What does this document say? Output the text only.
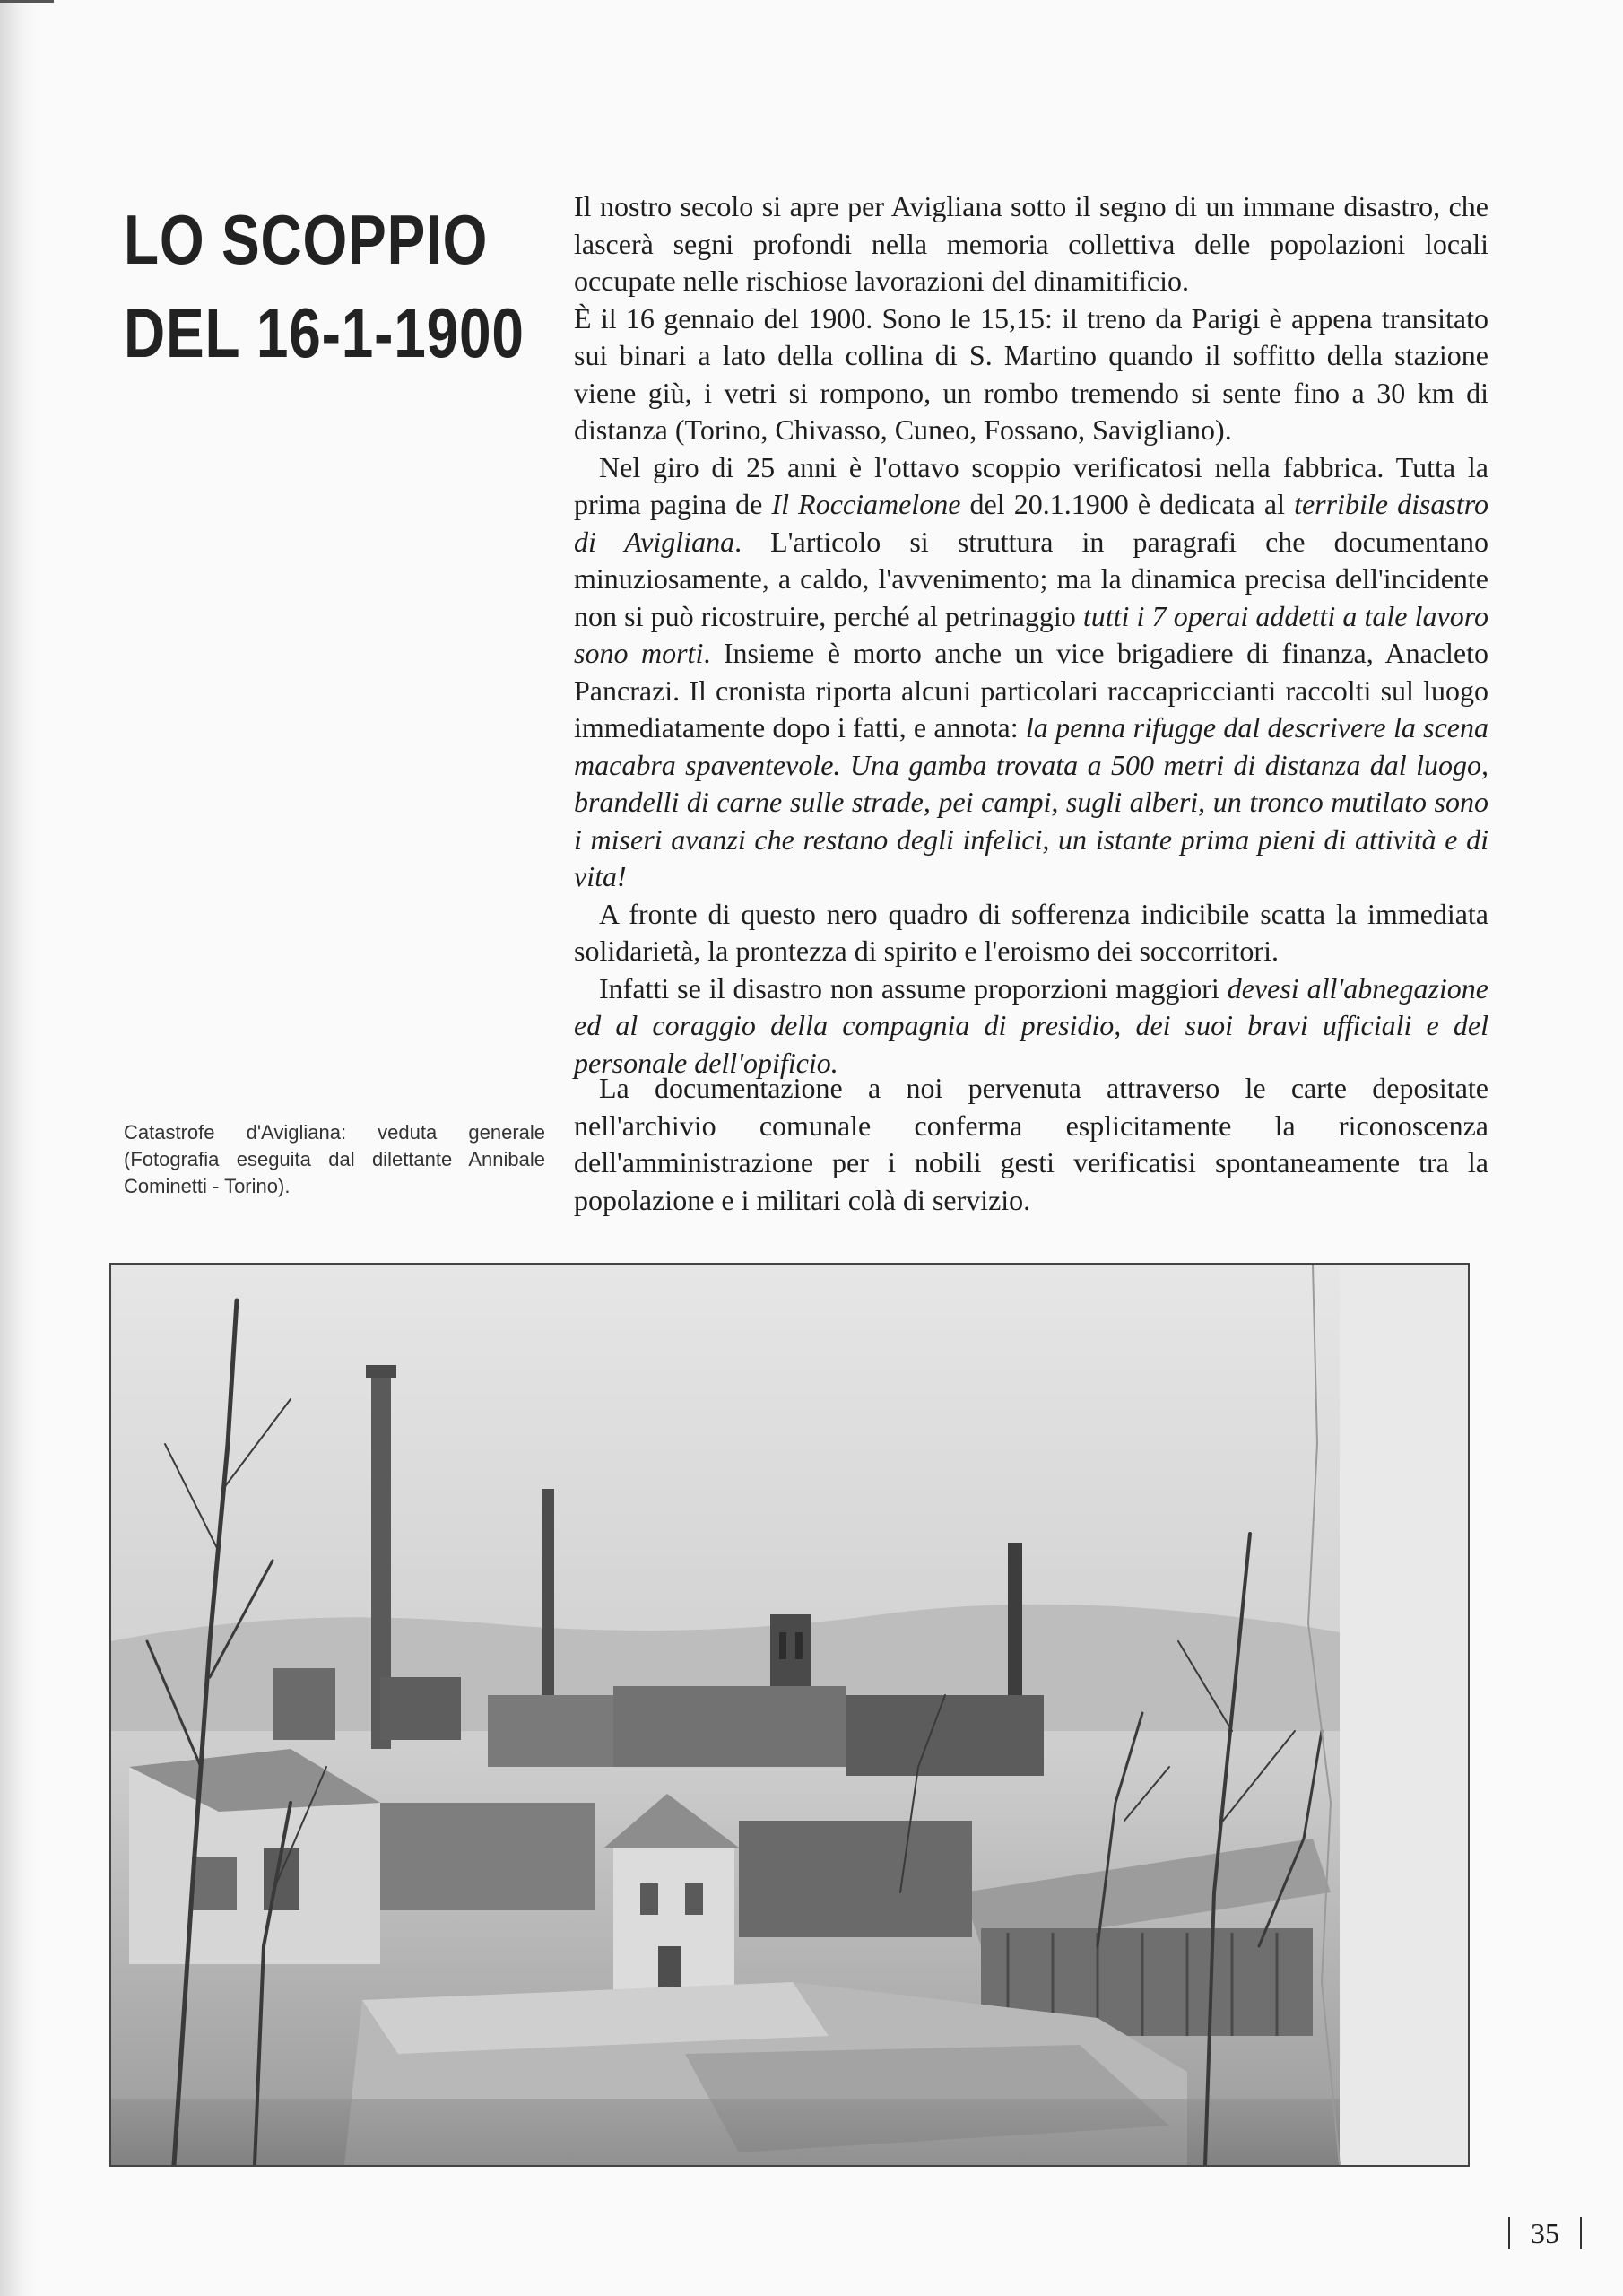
LO SCOPPIO
DEL 16-1-1900

Il nostro secolo si apre per Avigliana sotto il segno di un immane disastro, che lascerà segni profondi nella memoria collettiva delle popolazioni locali occupate nelle rischiose lavorazioni del dinamitificio.

È il 16 gennaio del 1900. Sono le 15,15: il treno da Parigi è appena transitato sui binari a lato della collina di S. Martino quando il soffitto della stazione viene giù, i vetri si rompono, un rombo tremendo si sente fino a 30 km di distanza (Torino, Chivasso, Cuneo, Fossano, Savigliano).

Nel giro di 25 anni è l'ottavo scoppio verificatosi nella fabbrica. Tutta la prima pagina de Il Rocciamelone del 20.1.1900 è dedicata al terribile disastro di Avigliana. L'articolo si struttura in paragrafi che documentano minuziosamente, a caldo, l'avvenimento; ma la dinamica precisa dell'incidente non si può ricostruire, perché al petrinaggio tutti i 7 operai addetti a tale lavoro sono morti. Insieme è morto anche un vice brigadiere di finanza, Anacleto Pancrazi. Il cronista riporta alcuni particolari raccapriccianti raccolti sul luogo immediatamente dopo i fatti, e annota: la penna rifugge dal descrivere la scena macabra spaventevole. Una gamba trovata a 500 metri di distanza dal luogo, brandelli di carne sulle strade, pei campi, sugli alberi, un tronco mutilato sono i miseri avanzi che restano degli infelici, un istante prima pieni di attività e di vita!

A fronte di questo nero quadro di sofferenza indicibile scatta la immediata solidarietà, la prontezza di spirito e l'eroismo dei soccorritori.

Infatti se il disastro non assume proporzioni maggiori devesi all'abnegazione ed al coraggio della compagnia di presidio, dei suoi bravi ufficiali e del personale dell'opificio.

La documentazione a noi pervenuta attraverso le carte depositate nell'archivio comunale conferma esplicitamente la riconoscenza dell'amministrazione per i nobili gesti verificatisi spontaneamente tra la popolazione e i militari colà di servizio.

Catastrofe d'Avigliana: veduta generale (Fotografia eseguita dal dilettante Annibale Cominetti - Torino).
35
